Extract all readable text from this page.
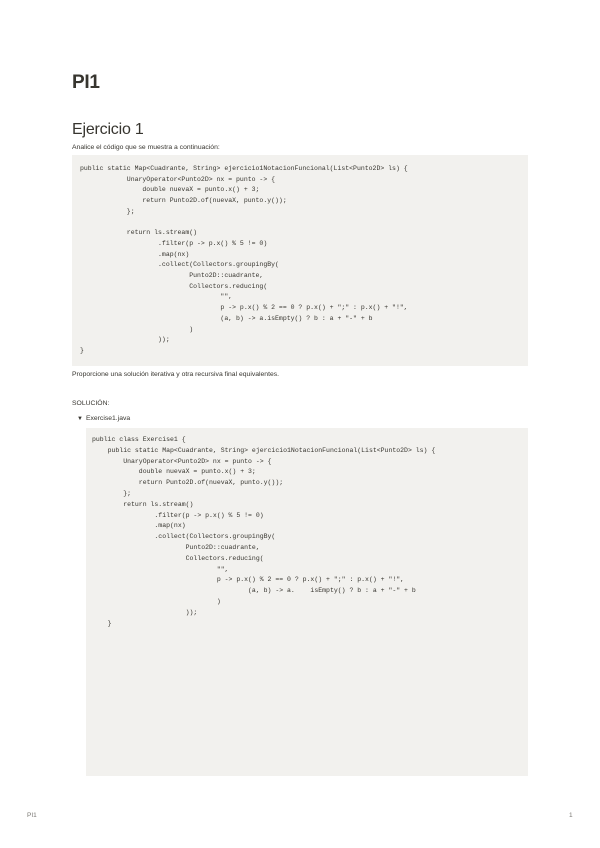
PI1
Ejercicio 1

Analice el código que se muestra a continuación:

public static Map<Cuadrante, String> ejercicio1NotacionFuncional(List<Punto2D> ls) {
UnaryOperator<Punto2D> nx = punto -> {
double nuevaX = punto.x() + 3;
return Punto2D.of(nuevaX, punto.y());
};
return ls.stream()
.filter(p -> p.x() % 5 != 0)
.map(nx)
.collect(Collectors.groupingBy(
Punto2D::cuadrante,
Collectors.reducing(
"",
p -> p.x() % 2 == 0 ? p.x() + ";" : p.x() + "!",
(a, b) -> a.isEmpty() ? b : a + "-" + b
)
));
}

Proporcione una solución iterativa y otra recursiva final equivalentes.

SOLUCIÓN:

▼ Exercise1.java
public class Exercise1 {
public static Map<Cuadrante, String> ejercicio1NotacionFuncional(List<Punto2D> ls) {
UnaryOperator<Punto2D> nx = punto -> {
double nuevaX = punto.x() + 3;
return Punto2D.of(nuevaX, punto.y());
};
return ls.stream()
.filter(p -> p.x() % 5 != 0)
.map(nx)
.collect(Collectors.groupingBy(
Punto2D::cuadrante,
Collectors.reducing(
"",
p -> p.x() % 2 == 0 ? p.x() + ";" : p.x() + "!",
(a, b) -> a.    isEmpty() ? b : a + "-" + b
)
));
}
PI1	1
